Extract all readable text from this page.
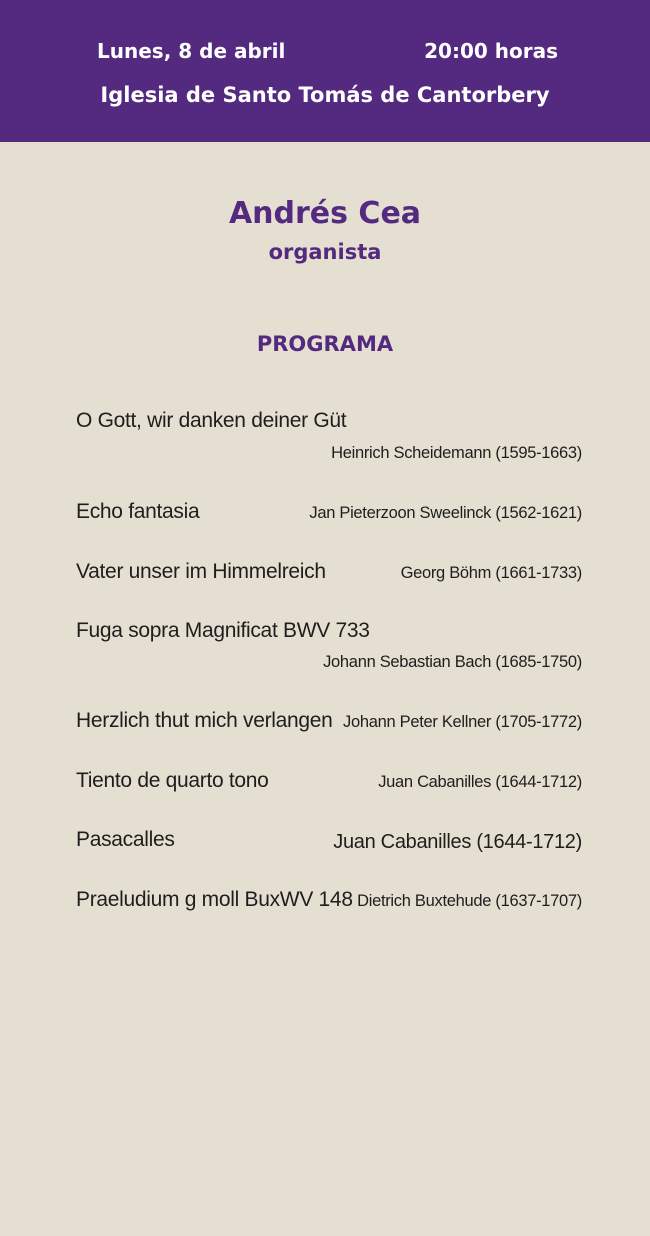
Lunes, 8 de abril	20:00 horas
Iglesia de Santo Tomás de Cantorbery
Andrés Cea
organista
PROGRAMA
O Gott, wir danken deiner Güt
Heinrich Scheidemann (1595-1663)
Echo fantasia	Jan Pieterzoon Sweelinck (1562-1621)
Vater unser im Himmelreich	Georg Böhm (1661-1733)
Fuga sopra Magnificat BWV 733
Johann Sebastian Bach (1685-1750)
Herzlich thut mich verlangen Johann Peter Kellner (1705-1772)
Tiento de quarto tono	Juan Cabanilles (1644-1712)
Pasacalles	Juan Cabanilles (1644-1712)
Praeludium g moll BuxWV 148 Dietrich Buxtehude (1637-1707)
